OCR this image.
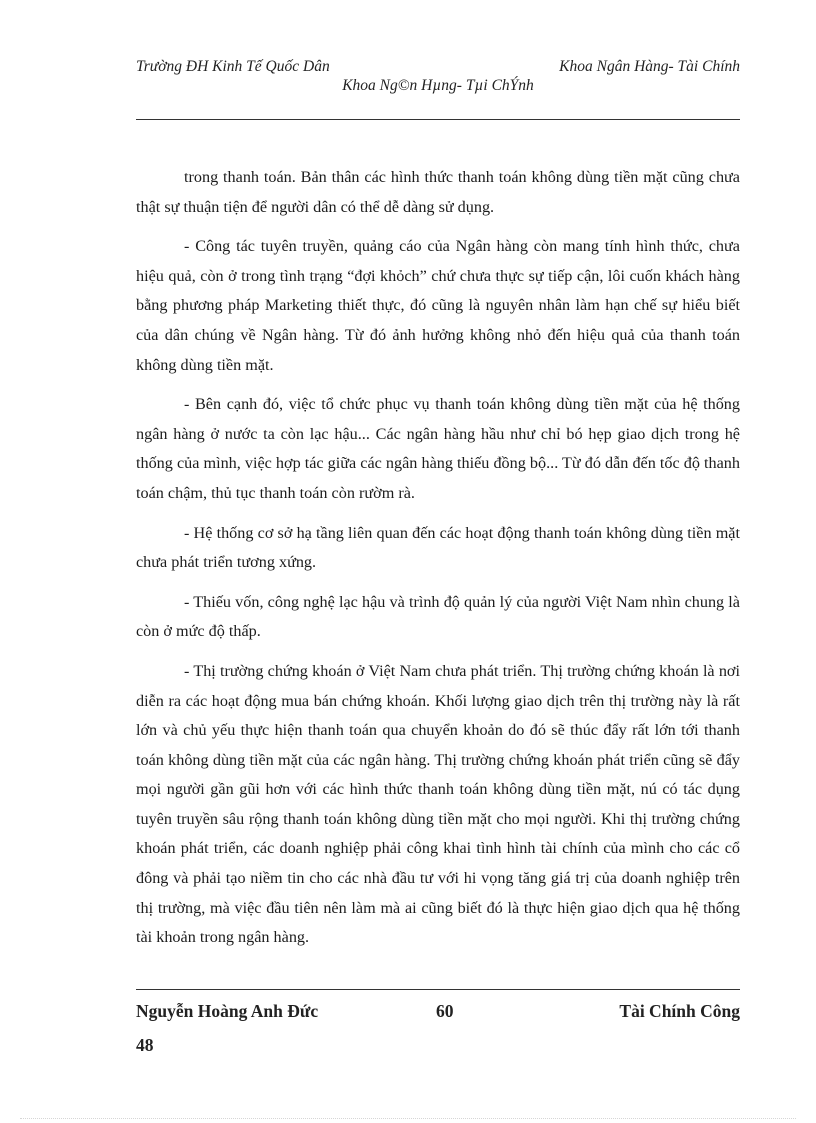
Trường ĐH Kinh Tế Quốc Dân	Khoa Ngân Hàng- Tài Chính
Khoa Ng©n Hµng- Tµi ChÝnh

trong thanh toán. Bản thân các hình thức thanh toán không dùng tiền mặt cũng chưa thật sự thuận tiện để người dân có thể dễ dàng sử dụng.

- Công tác tuyên truyền, quảng cáo của Ngân hàng còn mang tính hình thức, chưa hiệu quả, còn ở trong tình trạng “đợi khỏch” chứ chưa thực sự tiếp cận, lôi cuốn khách hàng bằng phương pháp Marketing thiết thực, đó cũng là nguyên nhân làm hạn chế sự hiểu biết của dân chúng về Ngân hàng. Từ đó ảnh hưởng không nhỏ đến hiệu quả của thanh toán không dùng tiền mặt.

- Bên cạnh đó, việc tổ chức phục vụ thanh toán không dùng tiền mặt của hệ thống ngân hàng ở nước ta còn lạc hậu... Các ngân hàng hầu như chỉ bó hẹp giao dịch trong hệ thống của mình, việc hợp tác giữa các ngân hàng thiếu đồng bộ... Từ đó dẫn đến tốc độ thanh toán chậm, thủ tục thanh toán còn rườm rà.

- Hệ thống cơ sở hạ tầng liên quan đến các hoạt động thanh toán không dùng tiền mặt chưa phát triển tương xứng.

- Thiếu vốn, công nghệ lạc hậu và trình độ quản lý của người Việt Nam nhìn chung là còn ở mức độ thấp.

- Thị trường chứng khoán ở Việt Nam chưa phát triển. Thị trường chứng khoán là nơi diễn ra các hoạt động mua bán chứng khoán. Khối lượng giao dịch trên thị trường này là rất lớn và chủ yếu thực hiện thanh toán qua chuyển khoản do đó sẽ thúc đẩy rất lớn tới thanh toán không dùng tiền mặt của các ngân hàng. Thị trường chứng khoán phát triển cũng sẽ đẩy mọi người gần gũi hơn với các hình thức thanh toán không dùng tiền mặt, nú có tác dụng tuyên truyền sâu rộng thanh toán không dùng tiền mặt cho mọi người. Khi thị trường chứng khoán phát triển, các doanh nghiệp phải công khai tình hình tài chính của mình cho các cổ đông và phải tạo niềm tin cho các nhà đầu tư với hi vọng tăng giá trị của doanh nghiệp trên thị trường, mà việc đầu tiên nên làm mà ai cũng biết đó là thực hiện giao dịch qua hệ thống tài khoản trong ngân hàng.

Nguyễn Hoàng Anh Đức	60	Tài Chính Công
48
